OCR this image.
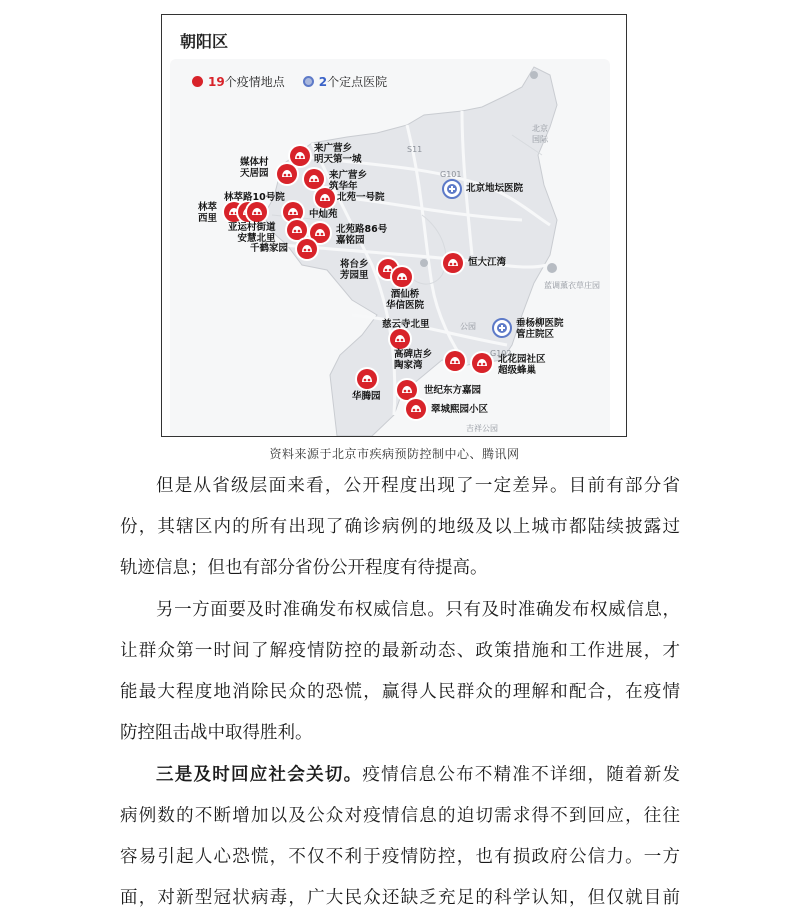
朝阳区
19 个疫情地点	2 个定点医院
媒体村
天居园
来广营乡
明天第一城
来广营乡
筑华年
林萃
西里
林萃路10号院	北苑一号院
中灿苑
亚运村街道
安慧北里
北苑路86号
嘉铭园
千鹤家园
将台乡
芳园里
恒大江湾
酒仙桥
华信医院
慈云寺北里
高碑店乡
陶家湾
北花园社区
超级蜂巢
华腾园
世纪东方嘉园
翠城熙园小区
北京地坛医院
垂杨柳医院
管庄院区
北京
国际
S11
G101
G102
蓝调薰衣草庄园
公园
吉祥公园
资料来源于北京市疾病预防控制中心、腾讯网
但是从省级层面来看，公开程度出现了一定差异。目前有部分省
份，其辖区内的所有出现了确诊病例的地级及以上城市都陆续披露过
轨迹信息；但也有部分省份公开程度有待提高。
另一方面要及时准确发布权威信息。只有及时准确发布权威信息，
让群众第一时间了解疫情防控的最新动态、政策措施和工作进展，才
能最大程度地消除民众的恐慌，赢得人民群众的理解和配合，在疫情
防控阻击战中取得胜利。
三是及时回应社会关切。疫情信息公布不精准不详细，随着新发
病例数的不断增加以及公众对疫情信息的迫切需求得不到回应，往往
容易引起人心恐慌，不仅不利于疫情防控，也有损政府公信力。一方
面，对新型冠状病毒，广大民众还缺乏充足的科学认知，但仅就目前
